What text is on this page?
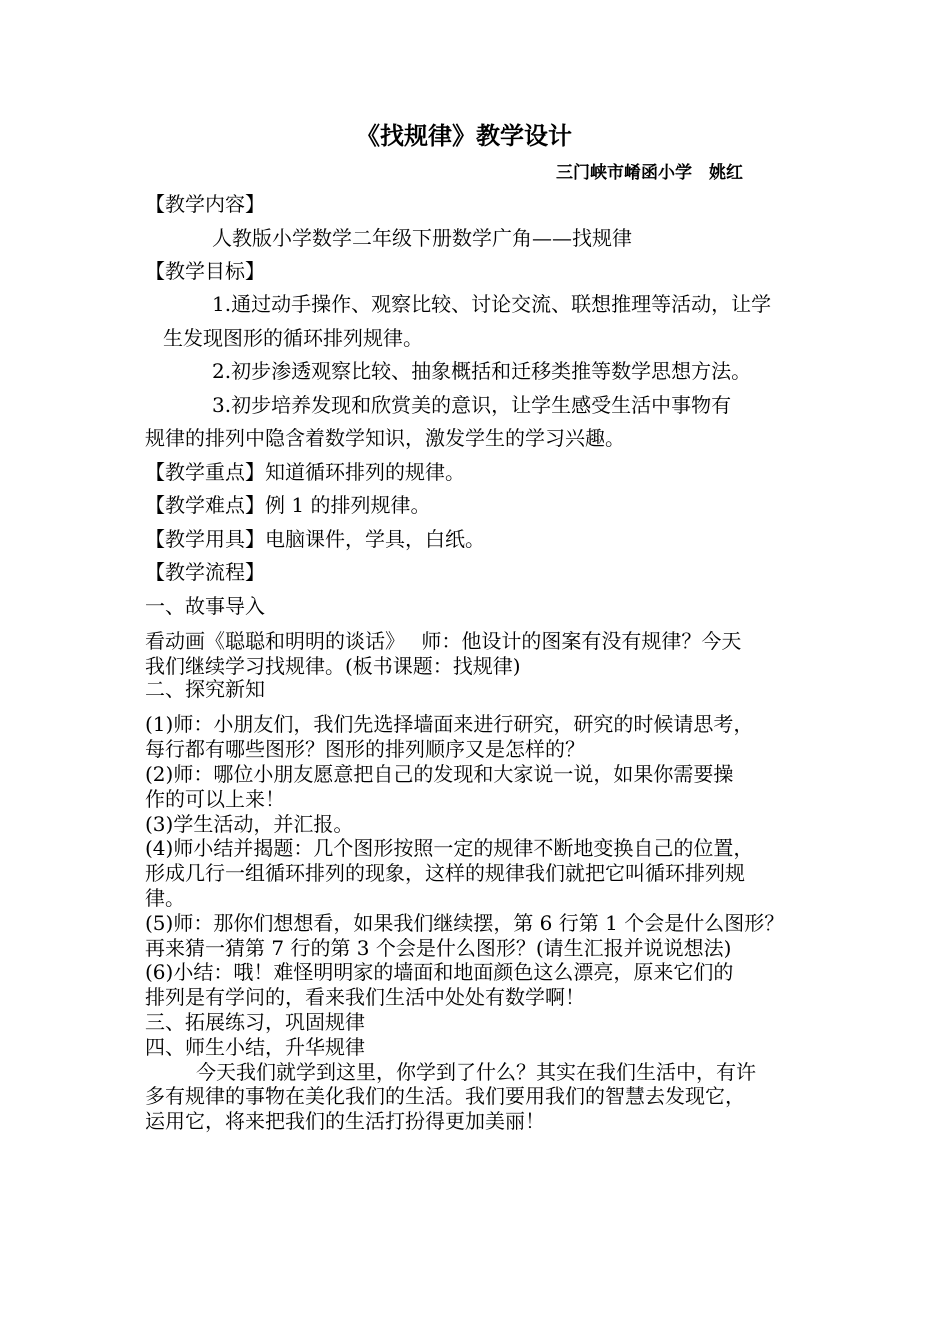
《找规律》教学设计
三门峡市崤函小学　姚红
【教学内容】
人教版小学数学二年级下册数学广角——找规律
【教学目标】
1.通过动手操作、观察比较、讨论交流、联想推理等活动，让学
生发现图形的循环排列规律。
2.初步渗透观察比较、抽象概括和迁移类推等数学思想方法。
3.初步培养发现和欣赏美的意识，让学生感受生活中事物有
规律的排列中隐含着数学知识，激发学生的学习兴趣。
【教学重点】知道循环排列的规律。
【教学难点】例 1 的排列规律。
【教学用具】电脑课件，学具，白纸。
【教学流程】
一、故事导入
看动画《聪聪和明明的谈话》　 师：他设计的图案有没有规律？今天
我们继续学习找规律。(板书课题：找规律)
二、探究新知
(1)师：小朋友们，我们先选择墙面来进行研究，研究的时候请思考，
每行都有哪些图形？图形的排列顺序又是怎样的？
(2)师：哪位小朋友愿意把自己的发现和大家说一说，如果你需要操
作的可以上来！
(3)学生活动，并汇报。
(4)师小结并揭题：几个图形按照一定的规律不断地变换自己的位置，
形成几行一组循环排列的现象，这样的规律我们就把它叫循环排列规
律。
(5)师：那你们想想看，如果我们继续摆，第 6 行第 1 个会是什么图形？
再来猜一猜第 7 行的第 3 个会是什么图形？(请生汇报并说说想法)
(6)小结：哦！难怪明明家的墙面和地面颜色这么漂亮，原来它们的
排列是有学问的，看来我们生活中处处有数学啊！
三、拓展练习，巩固规律
四、师生小结，升华规律
今天我们就学到这里，你学到了什么？其实在我们生活中，有许
多有规律的事物在美化我们的生活。我们要用我们的智慧去发现它，
运用它，将来把我们的生活打扮得更加美丽！
